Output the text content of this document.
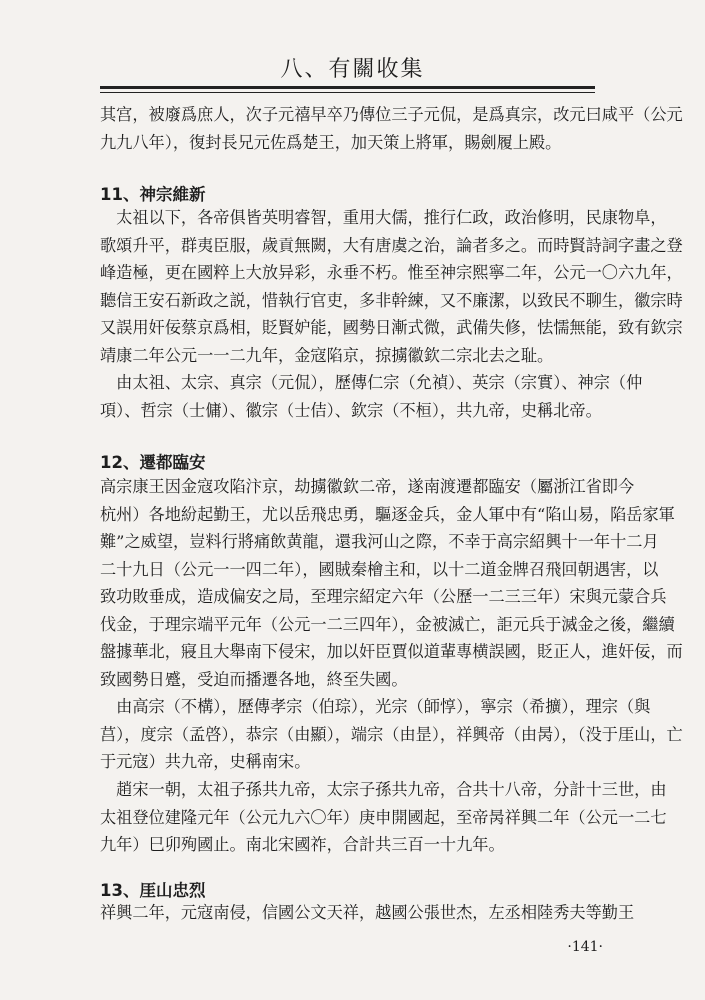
八、有關收集
其宫，被廢爲庶人，次子元禧早卒乃傳位三子元侃，是爲真宗，改元曰咸平（公元
九九八年），復封長兄元佐爲楚王，加天策上將軍，賜劍履上殿。
11、神宗維新
　太祖以下，各帝俱皆英明睿智，重用大儒，推行仁政，政治修明，民康物阜，
歌頌升平，群夷臣服，歲貢無闕，大有唐虞之治，論者多之。而時賢詩詞字畫之登
峰造極，更在國粹上大放异彩，永垂不朽。惟至神宗熙寧二年，公元一〇六九年，
聽信王安石新政之説，惜執行官吏，多非幹練，又不廉潔，以致民不聊生，徽宗時
又誤用奸佞蔡京爲相，貶賢妒能，國勢日漸式微，武備失修，怯懦無能，致有欽宗
靖康二年公元一一二九年，金寇陷京，掠擄徽欽二宗北去之耻。
　由太祖、太宗、真宗（元侃），歷傳仁宗（允禎）、英宗（宗實）、神宗（仲
項）、哲宗（士傭）、徽宗（士佶）、欽宗（不桓），共九帝，史稱北帝。
12、遷都臨安
高宗康王因金寇攻陷汴京，劫擄徽欽二帝，遂南渡遷都臨安（屬浙江省即今
杭州）各地紛起勤王，尤以岳飛忠勇，驅逐金兵，金人軍中有“陷山易，陷岳家軍
難”之威望，豈料行將痛飲黄龍，還我河山之際，不幸于高宗紹興十一年十二月
二十九日（公元一一四二年），國賊秦檜主和，以十二道金牌召飛回朝遇害，以
致功敗垂成，造成偏安之局，至理宗紹定六年（公歷一二三三年）宋與元蒙合兵
伐金，于理宗端平元年（公元一二三四年），金被滅亡，詎元兵于滅金之後，繼續
盤據華北，寢且大舉南下侵宋，加以奸臣賈似道輩專横誤國，貶正人，進奸佞，而
致國勢日蹙，受迫而播遷各地，終至失國。
　由高宗（不構），歷傳孝宗（伯琮），光宗（師惇），寧宗（希擴），理宗（與
莒），度宗（孟啓），恭宗（由顯），端宗（由昰），祥興帝（由昺），（没于厓山，亡
于元寇）共九帝，史稱南宋。
　趙宋一朝，太祖子孫共九帝，太宗子孫共九帝，合共十八帝，分計十三世，由
太祖登位建隆元年（公元九六〇年）庚申開國起，至帝昺祥興二年（公元一二七
九年）巳卯殉國止。南北宋國祚，合計共三百一十九年。
13、厓山忠烈
祥興二年，元寇南侵，信國公文天祥，越國公張世杰，左丞相陸秀夫等勤王
·141·
